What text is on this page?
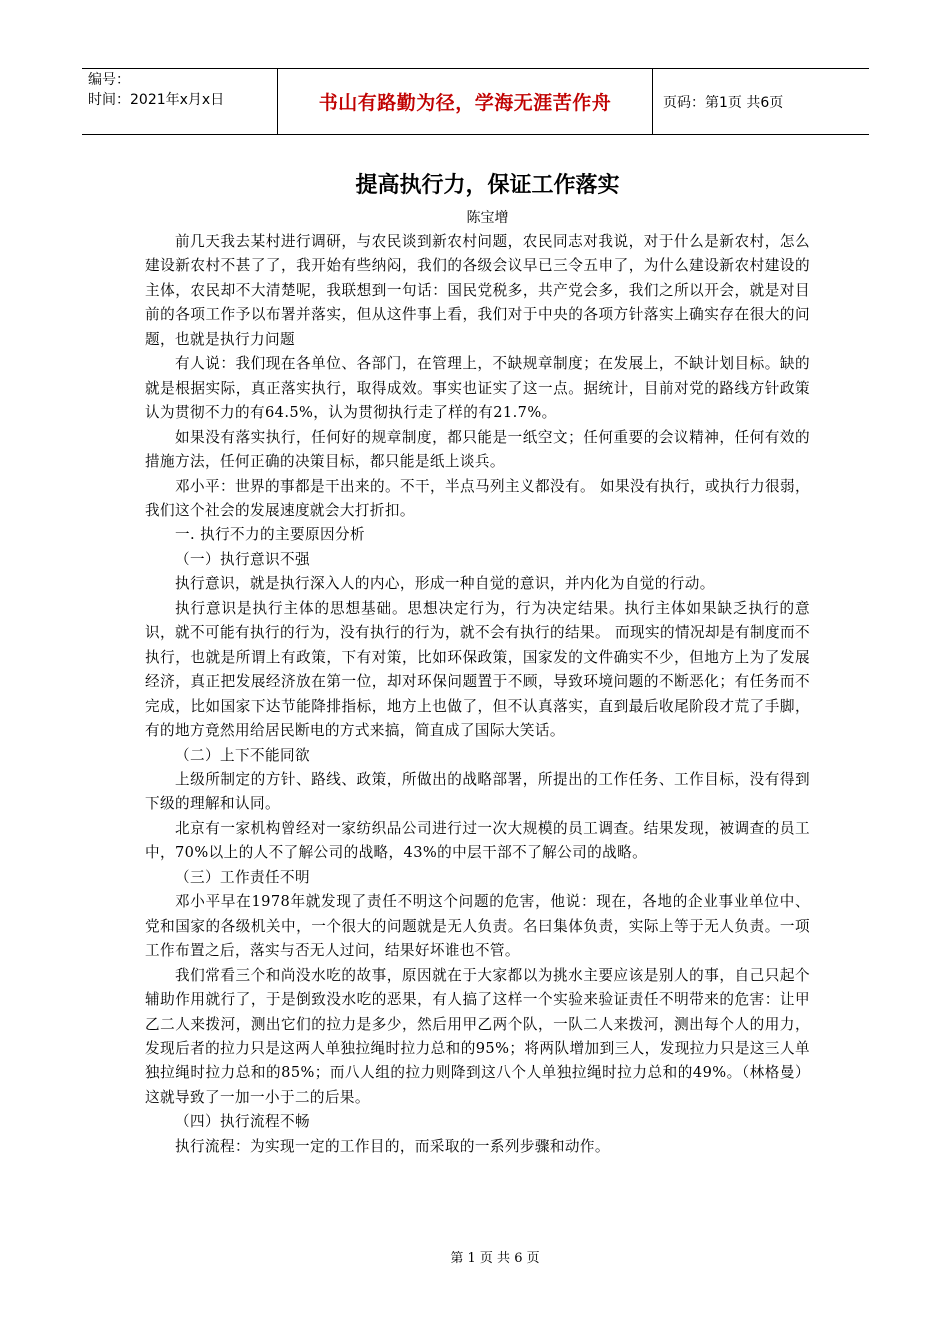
编号：
时间：2021年x月x日	书山有路勤为径，学海无涯苦作舟	页码：第1页 共6页
提高执行力，保证工作落实
陈宝增

前几天我去某村进行调研，与农民谈到新农村问题，农民同志对我说，对于什么是新农村，怎么建设新农村不甚了了，我开始有些纳闷，我们的各级会议早已三令五申了，为什么建设新农村建设的主体，农民却不大清楚呢，我联想到一句话：国民党税多，共产党会多，我们之所以开会，就是对目前的各项工作予以布署并落实，但从这件事上看，我们对于中央的各项方针落实上确实存在很大的问题，也就是执行力问题

有人说：我们现在各单位、各部门，在管理上，不缺规章制度；在发展上，不缺计划目标。缺的就是根据实际，真正落实执行，取得成效。事实也证实了这一点。据统计，目前对党的路线方针政策认为贯彻不力的有64.5%，认为贯彻执行走了样的有21.7%。

如果没有落实执行，任何好的规章制度，都只能是一纸空文；任何重要的会议精神，任何有效的措施方法，任何正确的决策目标，都只能是纸上谈兵。

邓小平：世界的事都是干出来的。不干，半点马列主义都没有。 如果没有执行，或执行力很弱，我们这个社会的发展速度就会大打折扣。

一. 执行不力的主要原因分析

（一）执行意识不强

执行意识，就是执行深入人的内心，形成一种自觉的意识，并内化为自觉的行动。

执行意识是执行主体的思想基础。思想决定行为，行为决定结果。执行主体如果缺乏执行的意识，就不可能有执行的行为，没有执行的行为，就不会有执行的结果。 而现实的情况却是有制度而不执行，也就是所谓上有政策，下有对策，比如环保政策，国家发的文件确实不少，但地方上为了发展经济，真正把发展经济放在第一位，却对环保问题置于不顾，导致环境问题的不断恶化；有任务而不完成，比如国家下达节能降排指标，地方上也做了，但不认真落实，直到最后收尾阶段才荒了手脚，有的地方竟然用给居民断电的方式来搞，简直成了国际大笑话。

（二）上下不能同欲

上级所制定的方针、路线、政策，所做出的战略部署，所提出的工作任务、工作目标，没有得到下级的理解和认同。

北京有一家机构曾经对一家纺织品公司进行过一次大规模的员工调查。结果发现，被调查的员工中，70%以上的人不了解公司的战略，43%的中层干部不了解公司的战略。

（三）工作责任不明

邓小平早在1978年就发现了责任不明这个问题的危害，他说：现在，各地的企业事业单位中、党和国家的各级机关中，一个很大的问题就是无人负责。名曰集体负责，实际上等于无人负责。一项工作布置之后，落实与否无人过问，结果好坏谁也不管。

我们常看三个和尚没水吃的故事，原因就在于大家都以为挑水主要应该是别人的事，自己只起个辅助作用就行了，于是倒致没水吃的恶果，有人搞了这样一个实验来验证责任不明带来的危害：让甲乙二人来拨河，测出它们的拉力是多少，然后用甲乙两个队，一队二人来拨河，测出每个人的用力，发现后者的拉力只是这两人单独拉绳时拉力总和的95%；将两队增加到三人，发现拉力只是这三人单独拉绳时拉力总和的85%；而八人组的拉力则降到这八个人单独拉绳时拉力总和的49%。（林格曼） 这就导致了一加一小于二的后果。

（四）执行流程不畅

执行流程：为实现一定的工作目的，而采取的一系列步骤和动作。

第 1 页 共 6 页
